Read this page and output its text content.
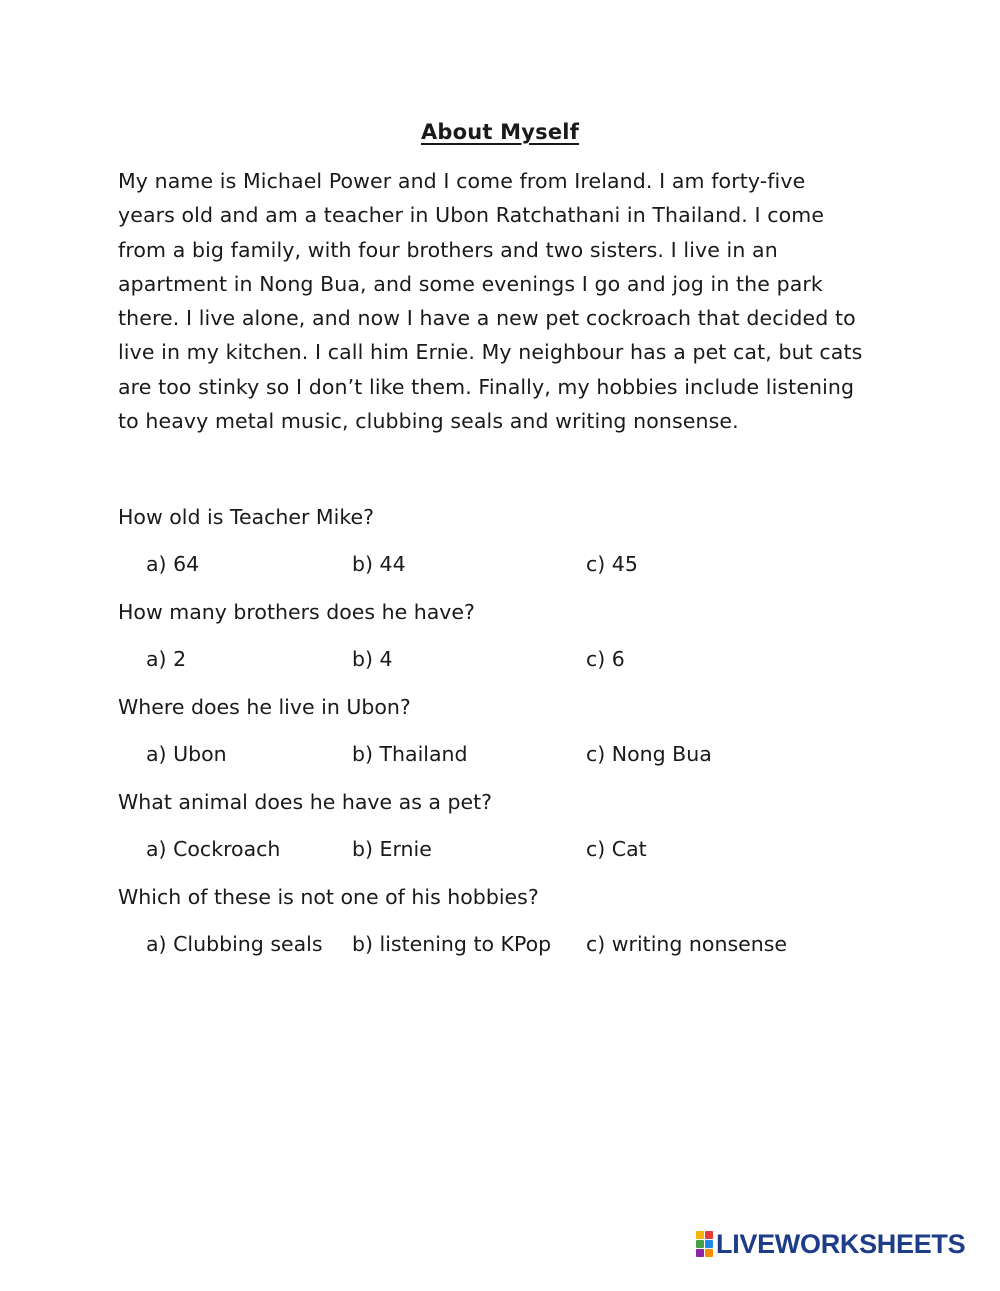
About Myself
My name is Michael Power and I come from Ireland. I am forty-five
years old and am a teacher in Ubon Ratchathani in Thailand. I come
from a big family, with four brothers and two sisters. I live in an
apartment in Nong Bua, and some evenings I go and jog in the park
there. I live alone, and now I have a new pet cockroach that decided to
live in my kitchen. I call him Ernie. My neighbour has a pet cat, but cats
are too stinky so I don’t like them. Finally, my hobbies include listening
to heavy metal music, clubbing seals and writing nonsense.
How old is Teacher Mike?
a) 64	b) 44	c) 45
How many brothers does he have?
a) 2	b) 4	c) 6
Where does he live in Ubon?
a) Ubon	b) Thailand	c) Nong Bua
What animal does he have as a pet?
a) Cockroach	b) Ernie	c) Cat
Which of these is not one of his hobbies?
a) Clubbing seals b) listening to KPop c) writing nonsense
LIVEWORKSHEETS
